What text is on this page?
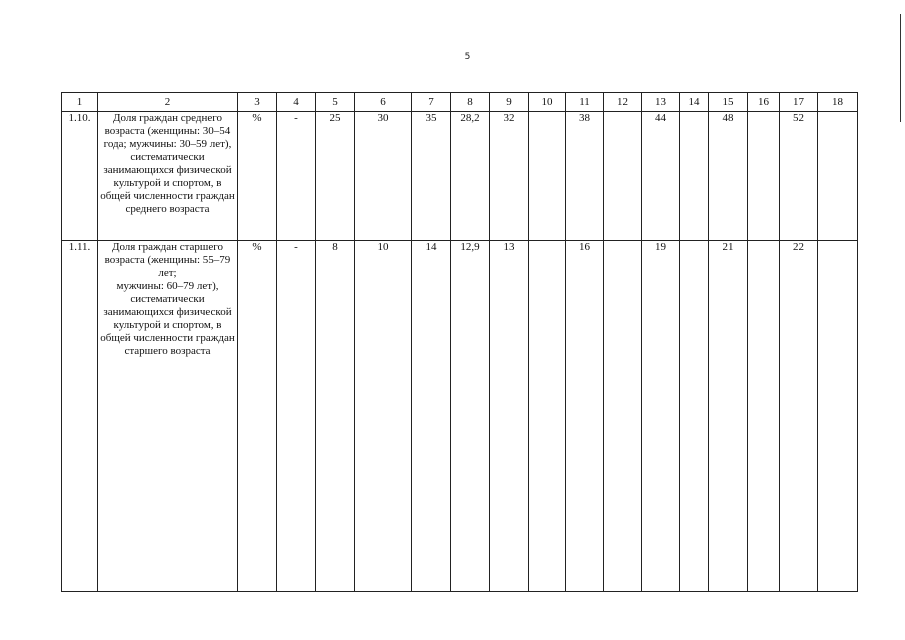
5
1	2	3	4	5	6	7	8	9	10	11	12	13	14	15	16	17	18
1.10.	Доля граждан среднего возраста (женщины: 30–54 года; мужчины: 30–59 лет), систематически занимающихся физической культурой и спортом, в общей численности граждан среднего возраста	%	-	25	30	35	28,2	32		38		44		48		52	
1.11.	Доля граждан старшего возраста (женщины: 55–79 лет;
мужчины: 60–79 лет), систематически занимающихся физической культурой и спортом, в общей численности граждан старшего возраста	%	-	8	10	14	12,9	13		16		19		21		22	
